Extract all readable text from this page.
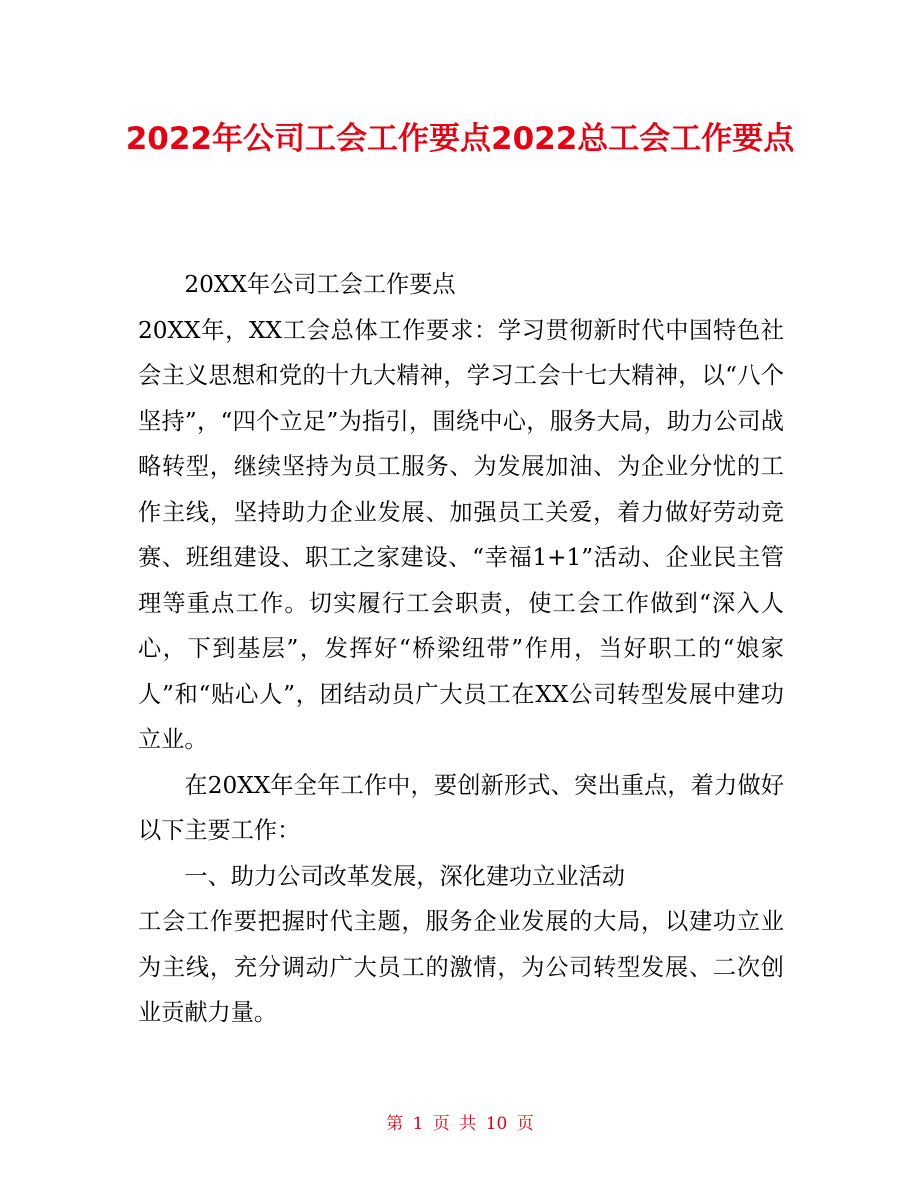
2022年公司工会工作要点2022总工会工作要点

20XX年公司工会工作要点

20XX年，XX工会总体工作要求：学习贯彻新时代中国特色社会主义思想和党的十九大精神，学习工会十七大精神，以“八个坚持”，“四个立足”为指引，围绕中心，服务大局，助力公司战略转型，继续坚持为员工服务、为发展加油、为企业分忧的工作主线，坚持助力企业发展、加强员工关爱，着力做好劳动竞赛、班组建设、职工之家建设、“幸福1+1”活动、企业民主管理等重点工作。切实履行工会职责，使工会工作做到“深入人心，下到基层”，发挥好“桥梁纽带”作用，当好职工的“娘家人”和“贴心人”，团结动员广大员工在XX公司转型发展中建功立业。

在20XX年全年工作中，要创新形式、突出重点，着力做好以下主要工作：

一、助力公司改革发展，深化建功立业活动

工会工作要把握时代主题，服务企业发展的大局，以建功立业为主线，充分调动广大员工的激情，为公司转型发展、二次创业贡献力量。

第 1 页 共 10 页
